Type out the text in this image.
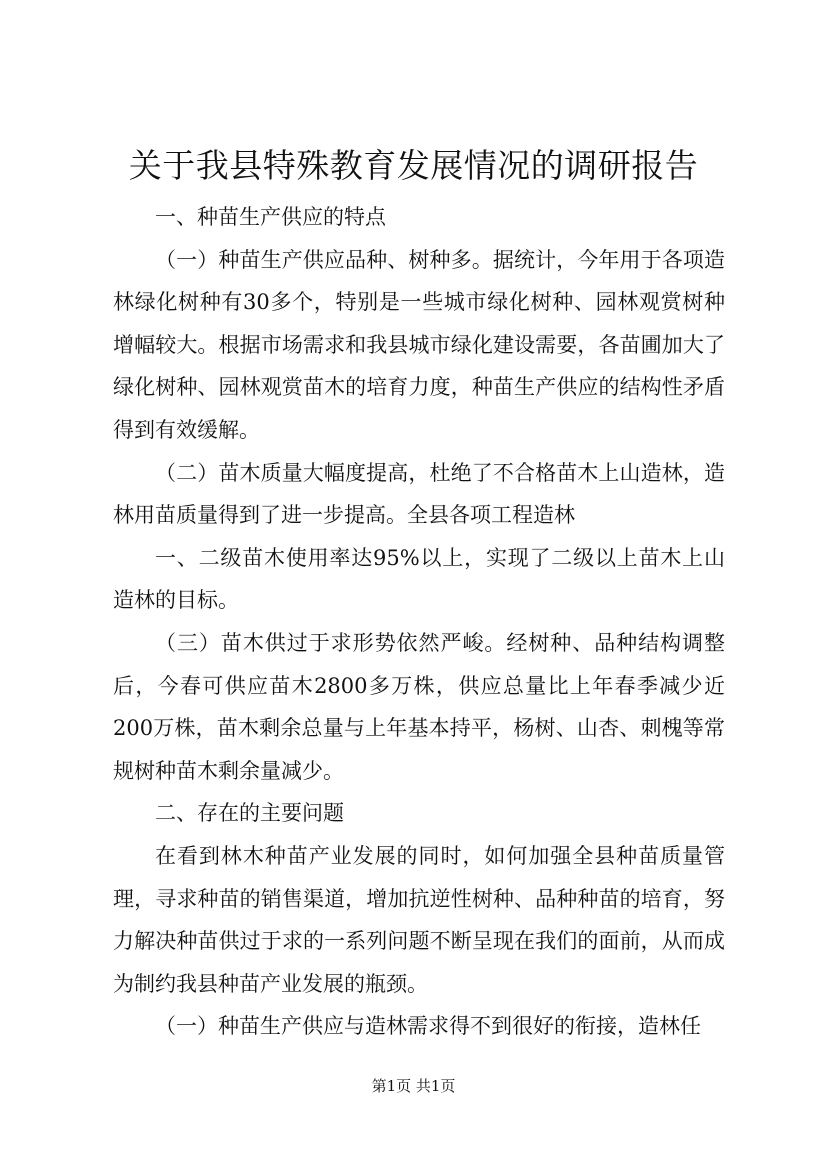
关于我县特殊教育发展情况的调研报告

一、种苗生产供应的特点

（一）种苗生产供应品种、树种多。据统计，今年用于各项造林绿化树种有30多个，特别是一些城市绿化树种、园林观赏树种增幅较大。根据市场需求和我县城市绿化建设需要，各苗圃加大了绿化树种、园林观赏苗木的培育力度，种苗生产供应的结构性矛盾得到有效缓解。

（二）苗木质量大幅度提高，杜绝了不合格苗木上山造林，造林用苗质量得到了进一步提高。全县各项工程造林

一、二级苗木使用率达95%以上，实现了二级以上苗木上山造林的目标。

（三）苗木供过于求形势依然严峻。经树种、品种结构调整后，今春可供应苗木2800多万株，供应总量比上年春季减少近200万株，苗木剩余总量与上年基本持平，杨树、山杏、刺槐等常规树种苗木剩余量减少。

二、存在的主要问题

在看到林木种苗产业发展的同时，如何加强全县种苗质量管理，寻求种苗的销售渠道，增加抗逆性树种、品种种苗的培育，努力解决种苗供过于求的一系列问题不断呈现在我们的面前，从而成为制约我县种苗产业发展的瓶颈。

（一）种苗生产供应与造林需求得不到很好的衔接，造林任

第1页 共1页
